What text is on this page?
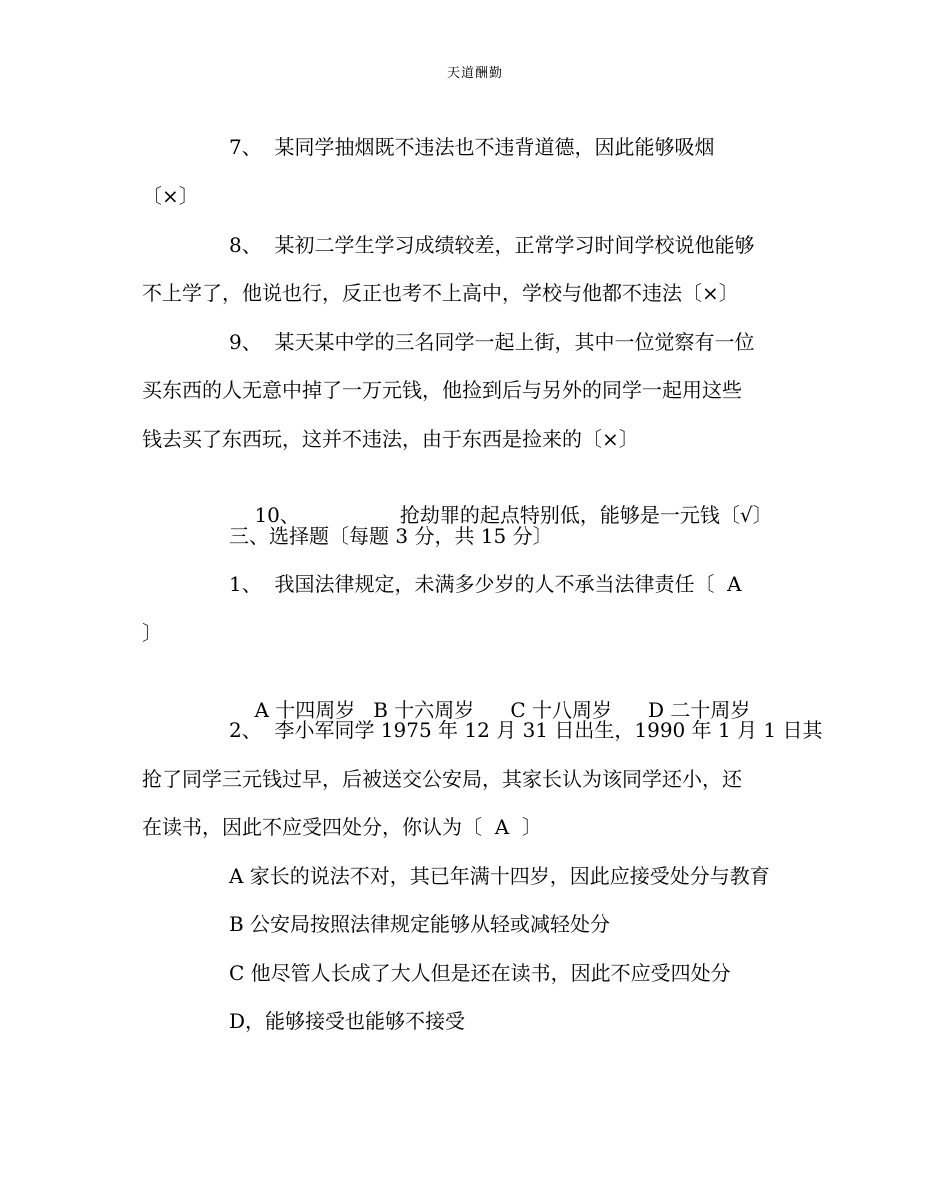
天道酬勤
7、  某同学抽烟既不违法也不违背道德，因此能够吸烟
〔×〕
8、  某初二学生学习成绩较差，正常学习时间学校说他能够
不上学了，他说也行，反正也考不上高中，学校与他都不违法〔×〕
9、  某天某中学的三名同学一起上街，其中一位觉察有一位
买东西的人无意中掉了一万元钱，他捡到后与另外的同学一起用这些
钱去买了东西玩，这并不违法，由于东西是捡来的〔×〕

10、	抢劫罪的起点特别低，能够是一元钱〔√〕

三、选择题〔每题 3 分，共 15 分〕
1、  我国法律规定，未满多少岁的人不承当法律责任〔  A
〕

A 十四周岁 B 十六周岁 C 十八周岁 D 二十周岁

2、  李小军同学 1975 年 12 月 31 日出生，1990 年 1 月 1 日其
抢了同学三元钱过早，后被送交公安局，其家长认为该同学还小，还
在读书，因此不应受四处分，你认为〔  A  〕
A 家长的说法不对，其已年满十四岁，因此应接受处分与教育
B 公安局按照法律规定能够从轻或减轻处分
C 他尽管人长成了大人但是还在读书，因此不应受四处分
D，能够接受也能够不接受
